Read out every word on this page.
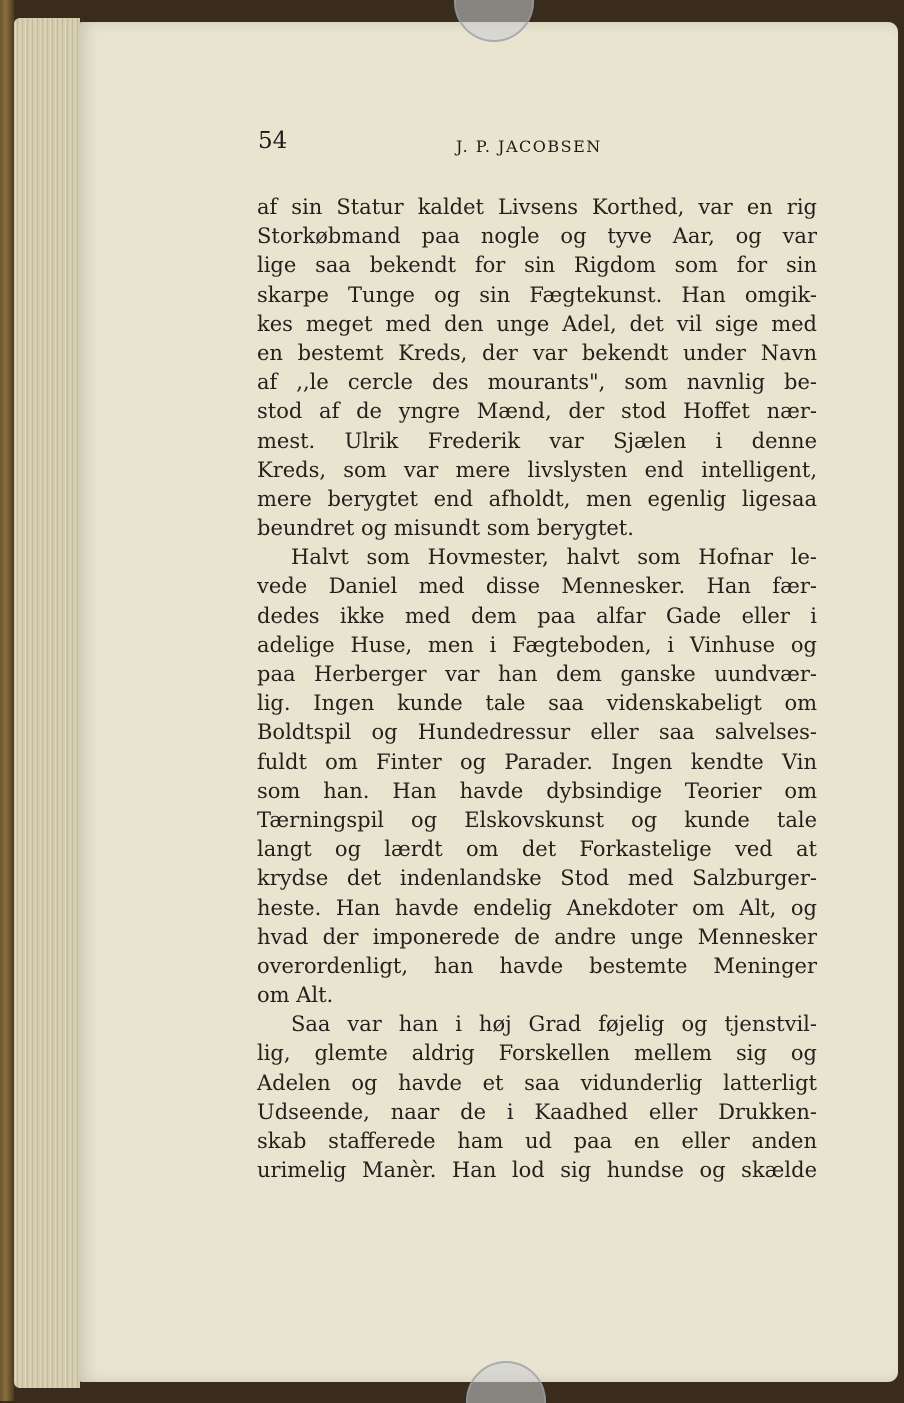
54	J. P. JACOBSEN
af sin Statur kaldet Livsens Korthed, var en rig
Storkøbmand paa nogle og tyve Aar, og var
lige saa bekendt for sin Rigdom som for sin
skarpe Tunge og sin Fægtekunst. Han omgik-
kes meget med den unge Adel, det vil sige med
en bestemt Kreds, der var bekendt under Navn
af ,,le cercle des mourants", som navnlig be-
stod af de yngre Mænd, der stod Hoffet nær-
mest. Ulrik Frederik var Sjælen i denne
Kreds, som var mere livslysten end intelligent,
mere berygtet end afholdt, men egenlig ligesaa
beundret og misundt som berygtet.
Halvt som Hovmester, halvt som Hofnar le-
vede Daniel med disse Mennesker. Han fær-
dedes ikke med dem paa alfar Gade eller i
adelige Huse, men i Fægteboden, i Vinhuse og
paa Herberger var han dem ganske uundvær-
lig. Ingen kunde tale saa videnskabeligt om
Boldtspil og Hundedressur eller saa salvelses-
fuldt om Finter og Parader. Ingen kendte Vin
som han. Han havde dybsindige Teorier om
Tærningspil og Elskovskunst og kunde tale
langt og lærdt om det Forkastelige ved at
krydse det indenlandske Stod med Salzburger-
heste. Han havde endelig Anekdoter om Alt, og
hvad der imponerede de andre unge Mennesker
overordenligt, han havde bestemte Meninger
om Alt.
Saa var han i høj Grad føjelig og tjenstvil-
lig, glemte aldrig Forskellen mellem sig og
Adelen og havde et saa vidunderlig latterligt
Udseende, naar de i Kaadhed eller Drukken-
skab stafferede ham ud paa en eller anden
urimelig Manèr. Han lod sig hundse og skælde
